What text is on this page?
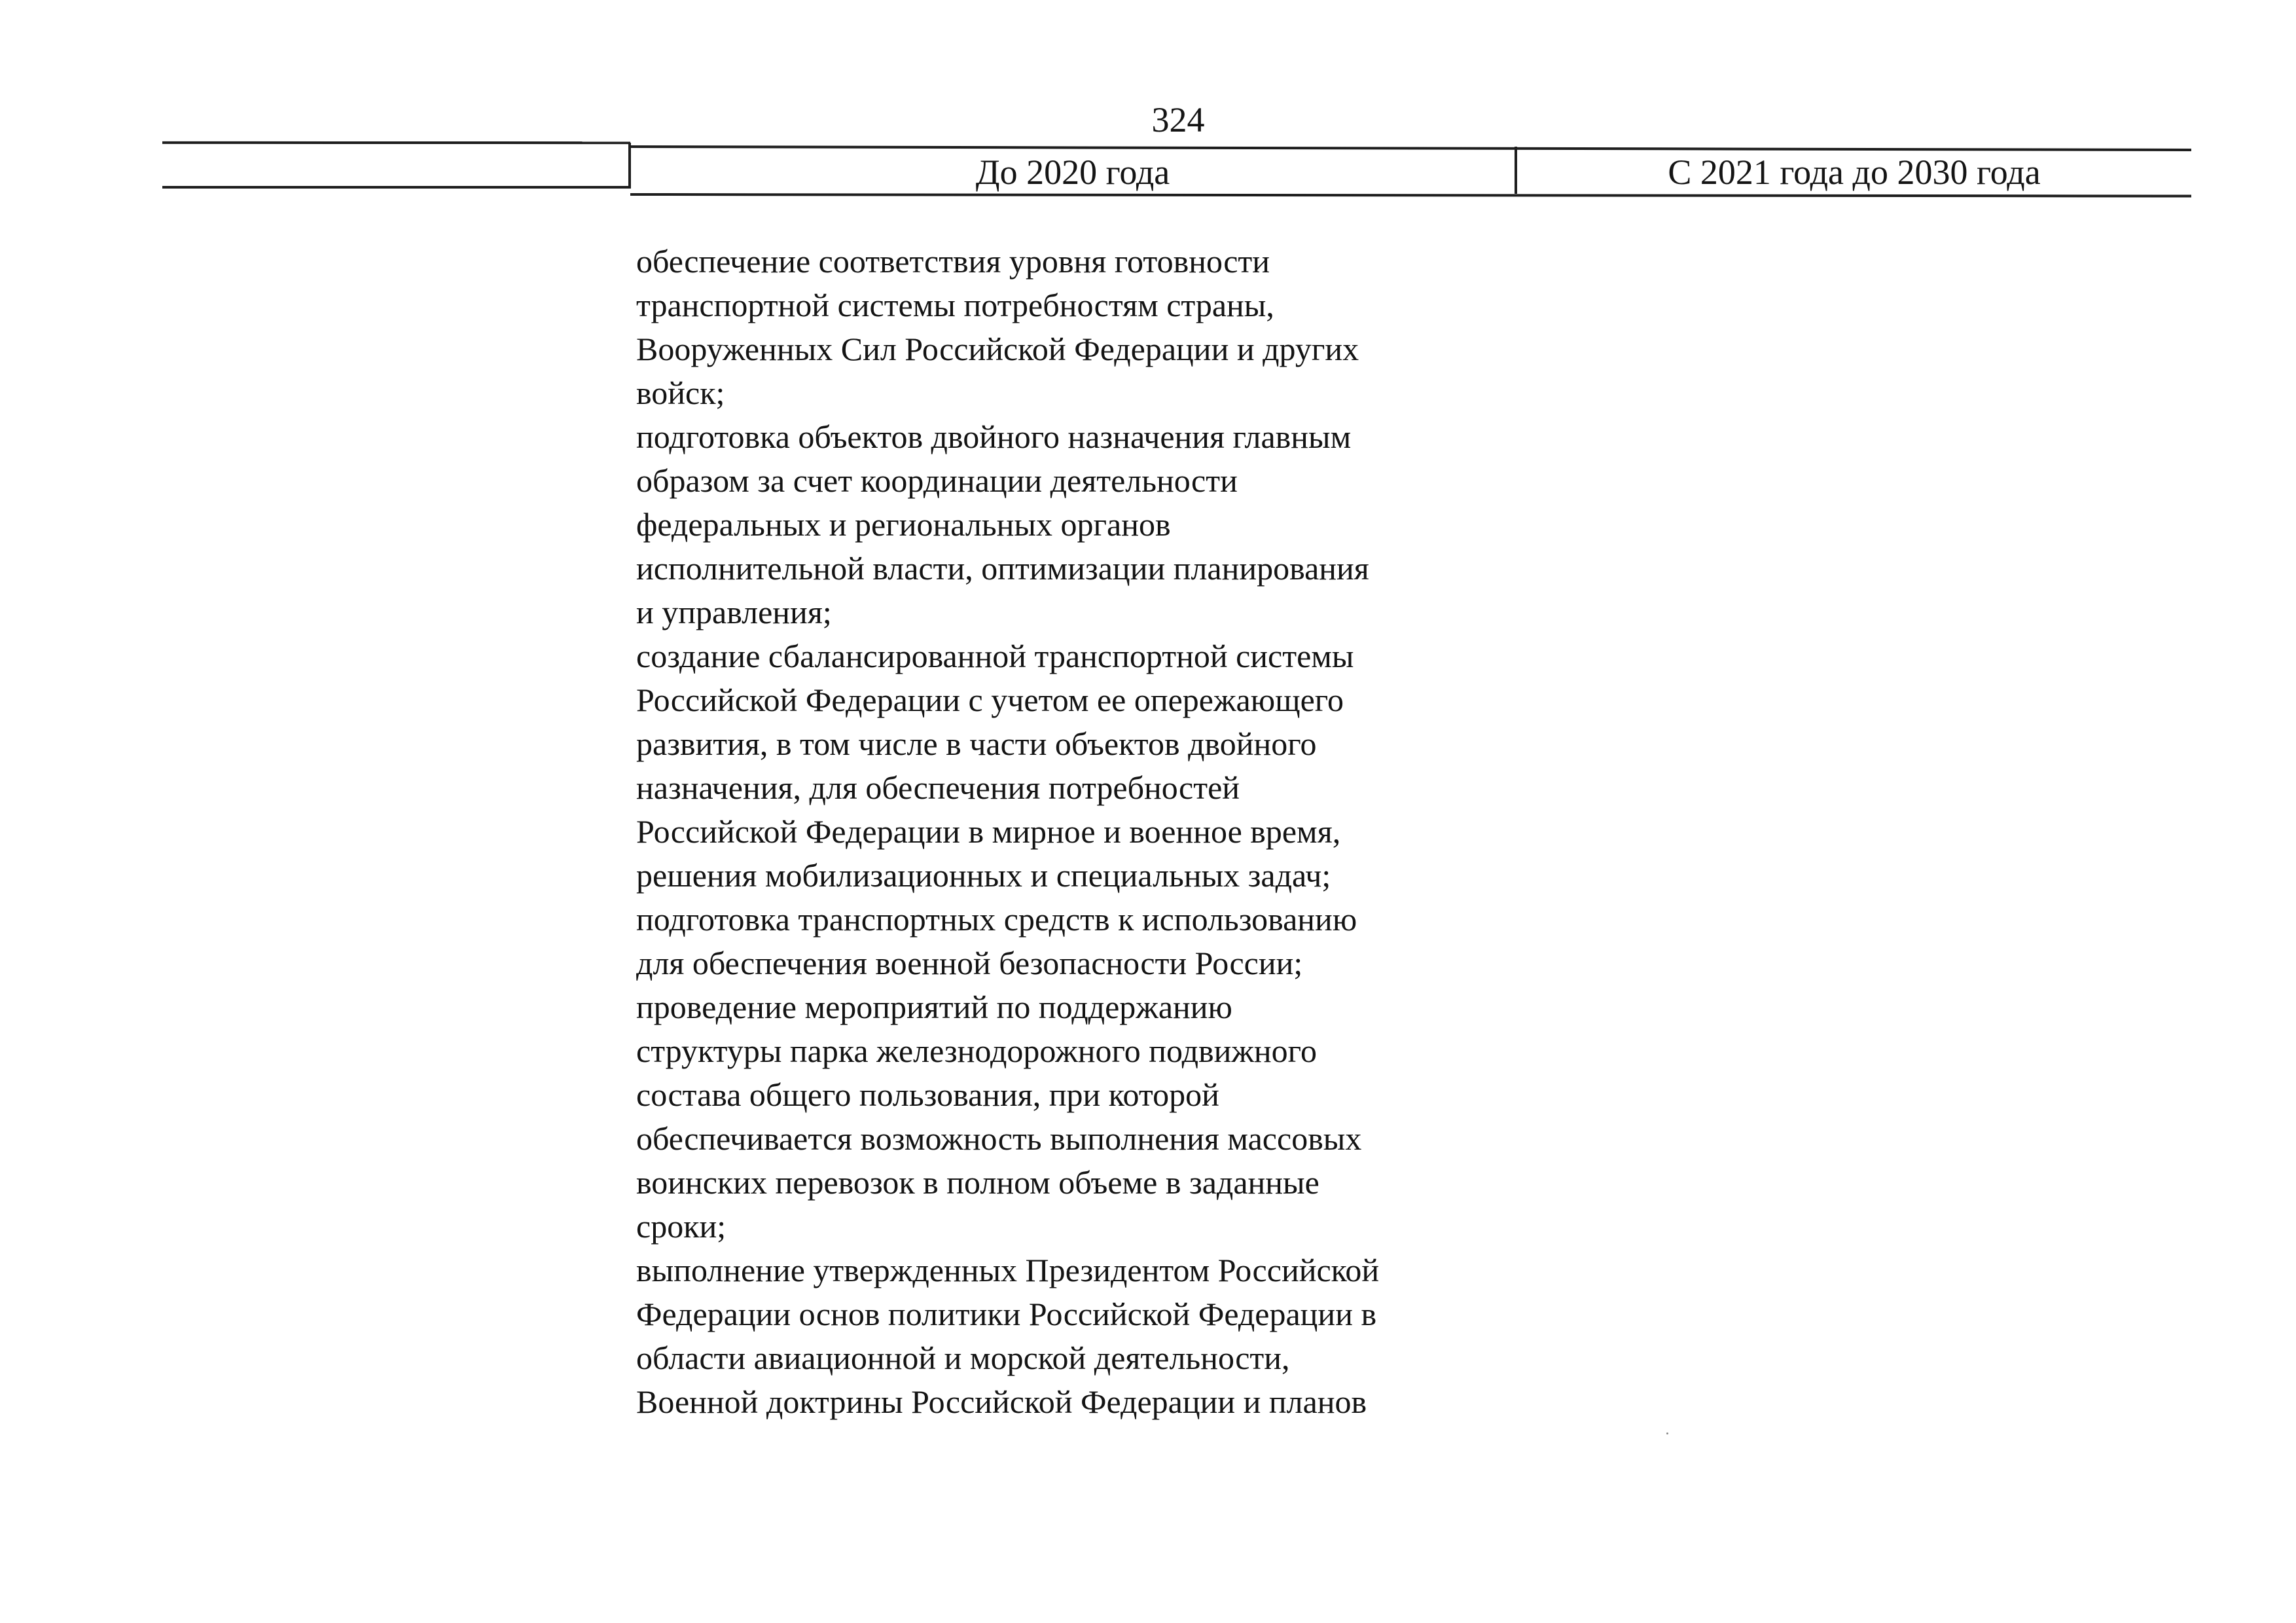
324
До 2020 года	С 2021 года до 2030 года
обеспечение соответствия уровня готовности
транспортной системы потребностям страны,
Вооруженных Сил Российской Федерации и других
войск;
подготовка объектов двойного назначения главным
образом за счет координации деятельности
федеральных и региональных органов
исполнительной власти, оптимизации планирования
и управления;
создание сбалансированной транспортной системы
Российской Федерации с учетом ее опережающего
развития, в том числе в части объектов двойного
назначения, для обеспечения потребностей
Российской Федерации в мирное и военное время,
решения мобилизационных и специальных задач;
подготовка транспортных средств к использованию
для обеспечения военной безопасности России;
проведение мероприятий по поддержанию
структуры парка железнодорожного подвижного
состава общего пользования, при которой
обеспечивается возможность выполнения массовых
воинских перевозок в полном объеме в заданные
сроки;
выполнение утвержденных Президентом Российской
Федерации основ политики Российской Федерации в
области авиационной и морской деятельности,
Военной доктрины Российской Федерации и планов
